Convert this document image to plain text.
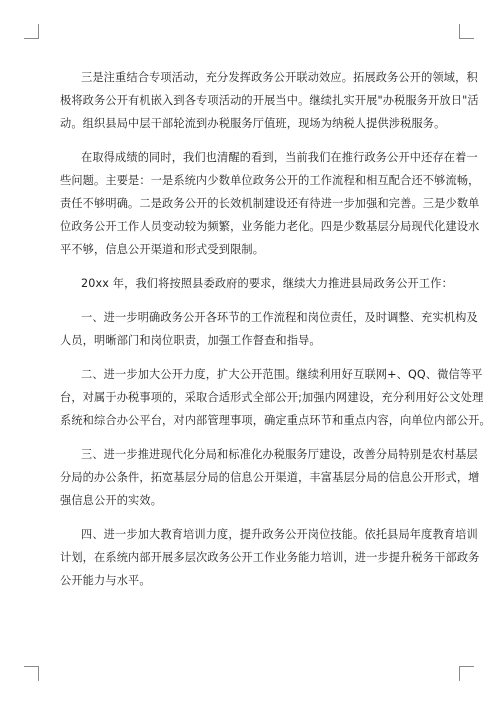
三是注重结合专项活动，充分发挥政务公开联动效应。拓展政务公开的领域，积
极将政务公开有机嵌入到各专项活动的开展当中。继续扎实开展"办税服务开放日"活
动。组织县局中层干部轮流到办税服务厅值班，现场为纳税人提供涉税服务。
在取得成绩的同时，我们也清醒的看到，当前我们在推行政务公开中还存在着一
些问题。主要是：一是系统内少数单位政务公开的工作流程和相互配合还不够流畅，
责任不够明确。二是政务公开的长效机制建设还有待进一步加强和完善。三是少数单
位政务公开工作人员变动较为频繁，业务能力老化。四是少数基层分局现代化建设水
平不够，信息公开渠道和形式受到限制。
20xx 年，我们将按照县委政府的要求，继续大力推进县局政务公开工作：
一、进一步明确政务公开各环节的工作流程和岗位责任，及时调整、充实机构及
人员，明晰部门和岗位职责，加强工作督查和指导。
二、进一步加大公开力度，扩大公开范围。继续利用好互联网+、QQ、微信等平
台，对属于办税事项的，采取合适形式全部公开;加强内网建设，充分利用好公文处理
系统和综合办公平台，对内部管理事项，确定重点环节和重点内容，向单位内部公开。
三、进一步推进现代化分局和标准化办税服务厅建设，改善分局特别是农村基层
分局的办公条件，拓宽基层分局的信息公开渠道，丰富基层分局的信息公开形式，增
强信息公开的实效。
四、进一步加大教育培训力度，提升政务公开岗位技能。依托县局年度教育培训
计划，在系统内部开展多层次政务公开工作业务能力培训，进一步提升税务干部政务
公开能力与水平。
